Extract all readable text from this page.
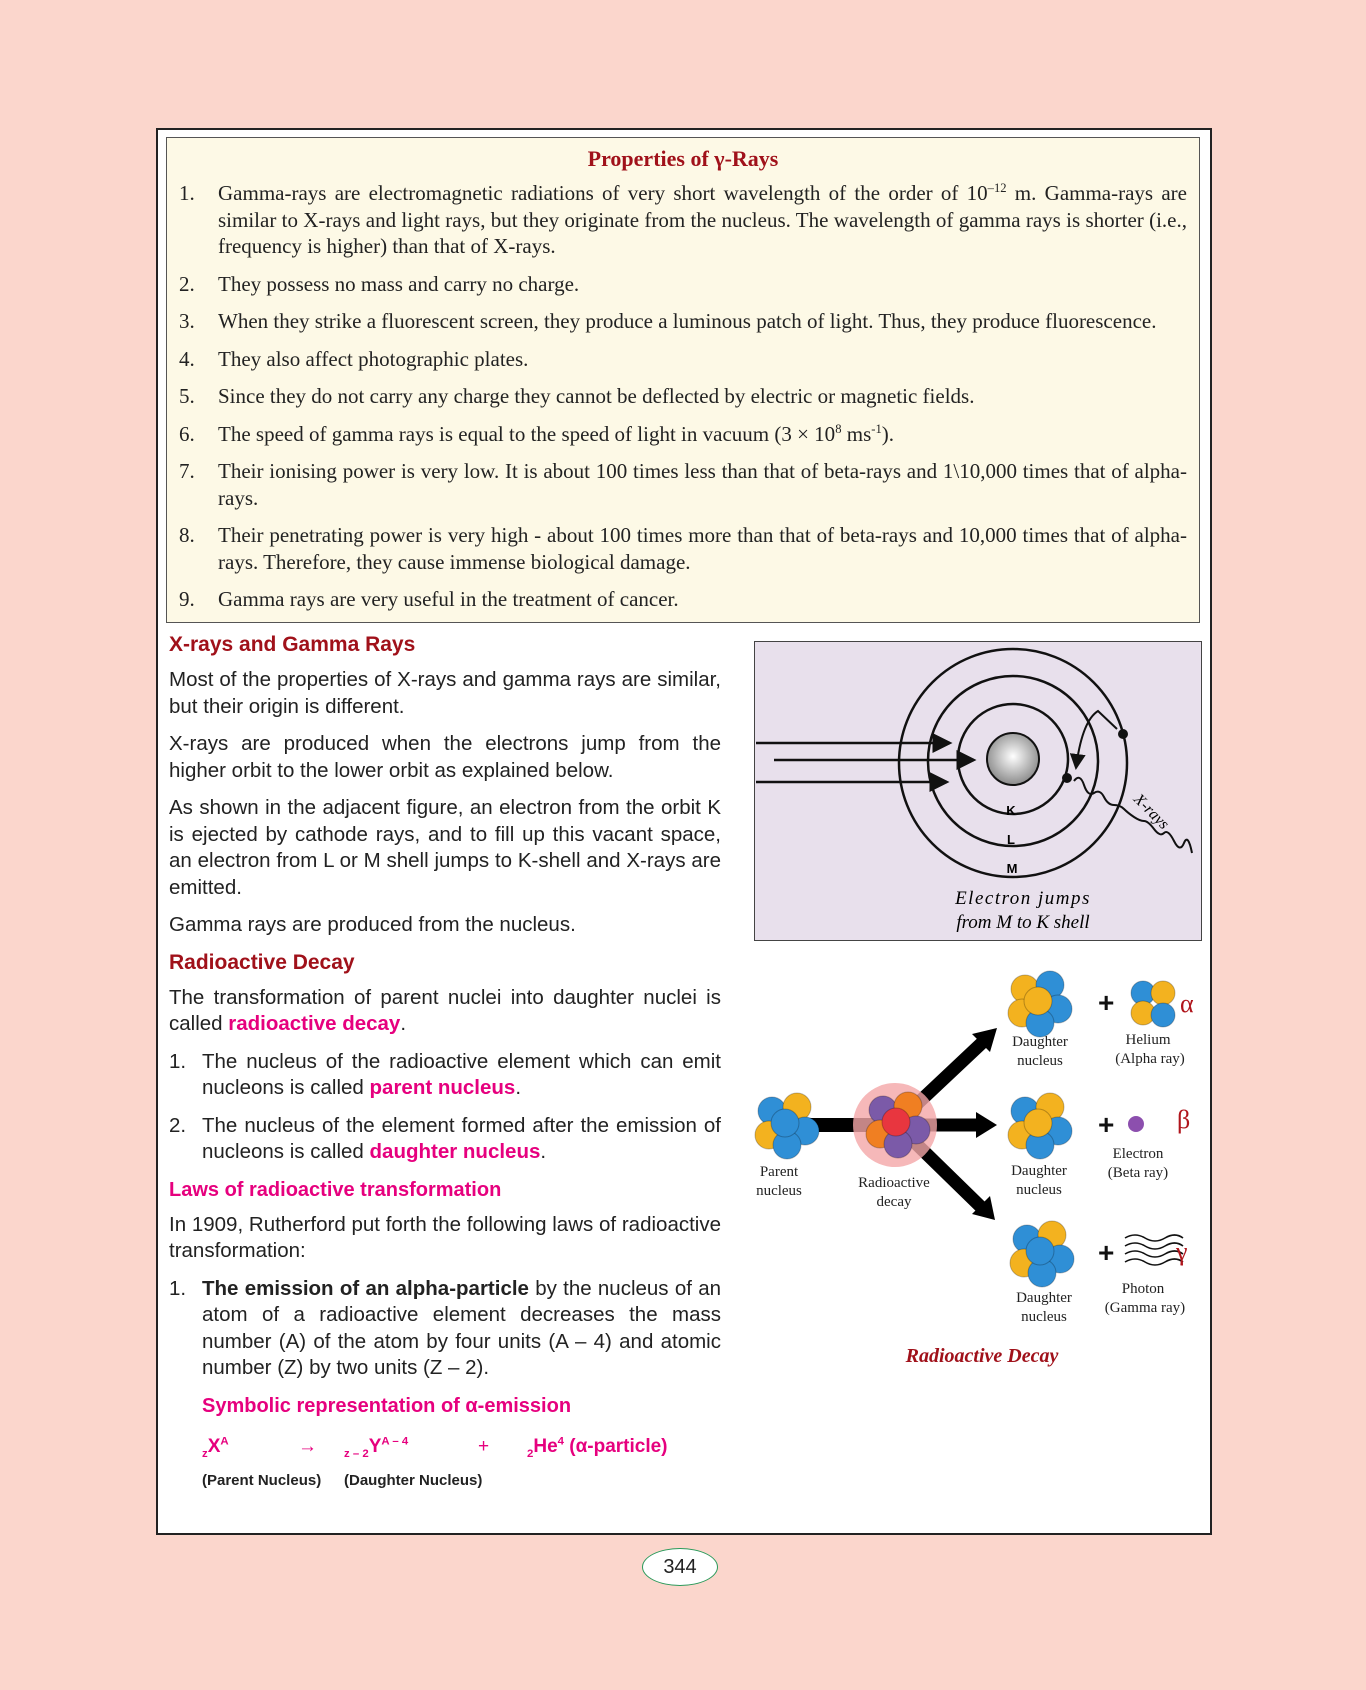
Properties of γ-Rays
1. Gamma-rays are electromagnetic radiations of very short wavelength of the order of $10^{-12}$ m. Gamma-rays are similar to X-rays and light rays, but they originate from the nucleus. The wavelength of gamma rays is shorter (i.e., frequency is higher) than that of X-rays.
2. They possess no mass and carry no charge.
3. When they strike a fluorescent screen, they produce a luminous patch of light. Thus, they produce fluorescence.
4. They also affect photographic plates.
5. Since they do not carry any charge they cannot be deflected by electric or magnetic fields.
6. The speed of gamma rays is equal to the speed of light in vacuum ($3 \times 10^8$ $ms^{-1}$).
7. Their ionising power is very low. It is about 100 times less than that of beta-rays and 1\10,000 times that of alpha-rays.
8. Their penetrating power is very high - about 100 times more than that of beta-rays and 10,000 times that of alpha-rays. Therefore, they cause immense biological damage.
9. Gamma rays are very useful in the treatment of cancer.
X-rays and Gamma Rays

Most of the properties of X-rays and gamma rays are similar, but their origin is different.

X-rays are produced when the electrons jump from the higher orbit to the lower orbit as explained below.

As shown in the adjacent figure, an electron from the orbit K is ejected by cathode rays, and to fill up this vacant space, an electron from L or M shell jumps to K-shell and X-rays are emitted.

Gamma rays are produced from the nucleus.

Radioactive Decay

The transformation of parent nuclei into daughter nuclei is called radioactive decay.

1. The nucleus of the radioactive element which can emit nucleons is called parent nucleus.
2. The nucleus of the element formed after the emission of nucleons is called daughter nucleus.
Laws of radioactive transformation

In 1909, Rutherford put forth the following laws of radioactive transformation:

1. The emission of an alpha-particle by the nucleus of an atom of a radioactive element decreases the mass number (A) of the atom by four units (A – 4) and atomic number (Z) by two units (Z – 2).
Symbolic representation of α-emission
$_zX^A$	→ $_{z - 2}Y^{A - 4}$	+	$_2He^4$ (α-particle)
(Parent Nucleus) (Daughter Nucleus)
K
L
M
X-rays
Electron jumps
from M to K shell
+
+
+
α
β
γ
Parent
nucleus	Radioactive
decay
Daughter
nucleus
Daughter
nucleus
Daughter
nucleus
Helium
(Alpha ray)
Electron
(Beta ray)
Photon
(Gamma ray)
Radioactive Decay
344
